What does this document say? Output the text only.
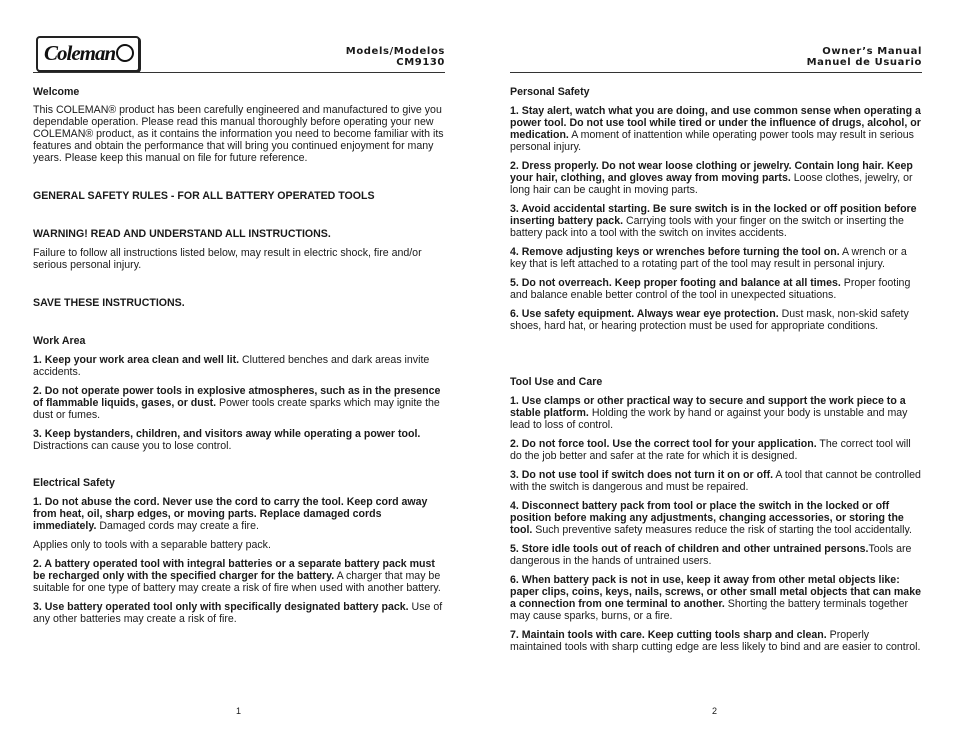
Coleman	Models/Modelos
CM9130

Welcome

This COLEMAN® product has been carefully engineered and manufactured to give you dependable operation. Please read this manual thoroughly before operating your new COLEMAN® product, as it contains the information you need to become familiar with its features and obtain the performance that will bring you continued enjoyment for many years. Please keep this manual on file for future reference.

GENERAL SAFETY RULES - FOR ALL BATTERY OPERATED TOOLS

WARNING! READ AND UNDERSTAND ALL INSTRUCTIONS.

Failure to follow all instructions listed below, may result in electric shock, fire and/or serious personal injury.

SAVE THESE INSTRUCTIONS.

Work Area

1. Keep your work area clean and well lit. Cluttered benches and dark areas invite accidents.

2. Do not operate power tools in explosive atmospheres, such as in the presence of flammable liquids, gases, or dust. Power tools create sparks which may ignite the dust or fumes.

3. Keep bystanders, children, and visitors away while operating a power tool. Distractions can cause you to lose control.

Electrical Safety

1. Do not abuse the cord. Never use the cord to carry the tool. Keep cord away from heat, oil, sharp edges, or moving parts. Replace damaged cords immediately. Damaged cords may create a fire.

Applies only to tools with a separable battery pack.

2. A battery operated tool with integral batteries or a separate battery pack must be recharged only with the specified charger for the battery. A charger that may be suitable for one type of battery may create a risk of fire when used with another battery.

3. Use battery operated tool only with specifically designated battery pack. Use of any other batteries may create a risk of fire.

1
Owner’s Manual
Manuel de Usuario

Personal Safety

1. Stay alert, watch what you are doing, and use common sense when operating a power tool. Do not use tool while tired or under the influence of drugs, alcohol, or medication. A moment of inattention while operating power tools may result in serious personal injury.

2. Dress properly. Do not wear loose clothing or jewelry. Contain long hair. Keep your hair, clothing, and gloves away from moving parts. Loose clothes, jewelry, or long hair can be caught in moving parts.

3. Avoid accidental starting. Be sure switch is in the locked or off position before inserting battery pack. Carrying tools with your finger on the switch or inserting the battery pack into a tool with the switch on invites accidents.

4. Remove adjusting keys or wrenches before turning the tool on. A wrench or a key that is left attached to a rotating part of the tool may result in personal injury.

5. Do not overreach. Keep proper footing and balance at all times. Proper footing and balance enable better control of the tool in unexpected situations.

6. Use safety equipment. Always wear eye protection. Dust mask, non-skid safety shoes, hard hat, or hearing protection must be used for appropriate conditions.

Tool Use and Care

1. Use clamps or other practical way to secure and support the work piece to a stable platform. Holding the work by hand or against your body is unstable and may lead to loss of control.

2. Do not force tool. Use the correct tool for your application. The correct tool will do the job better and safer at the rate for which it is designed.

3. Do not use tool if switch does not turn it on or off. A tool that cannot be controlled with the switch is dangerous and must be repaired.

4. Disconnect battery pack from tool or place the switch in the locked or off position before making any adjustments, changing accessories, or storing the tool. Such preventive safety measures reduce the risk of starting the tool accidentally.

5. Store idle tools out of reach of children and other untrained persons.Tools are dangerous in the hands of untrained users.

6. When battery pack is not in use, keep it away from other metal objects like: paper clips, coins, keys, nails, screws, or other small metal objects that can make a connection from one terminal to another. Shorting the battery terminals together may cause sparks, burns, or a fire.

7. Maintain tools with care. Keep cutting tools sharp and clean. Properly maintained tools with sharp cutting edge are less likely to bind and are easier to control.

2
